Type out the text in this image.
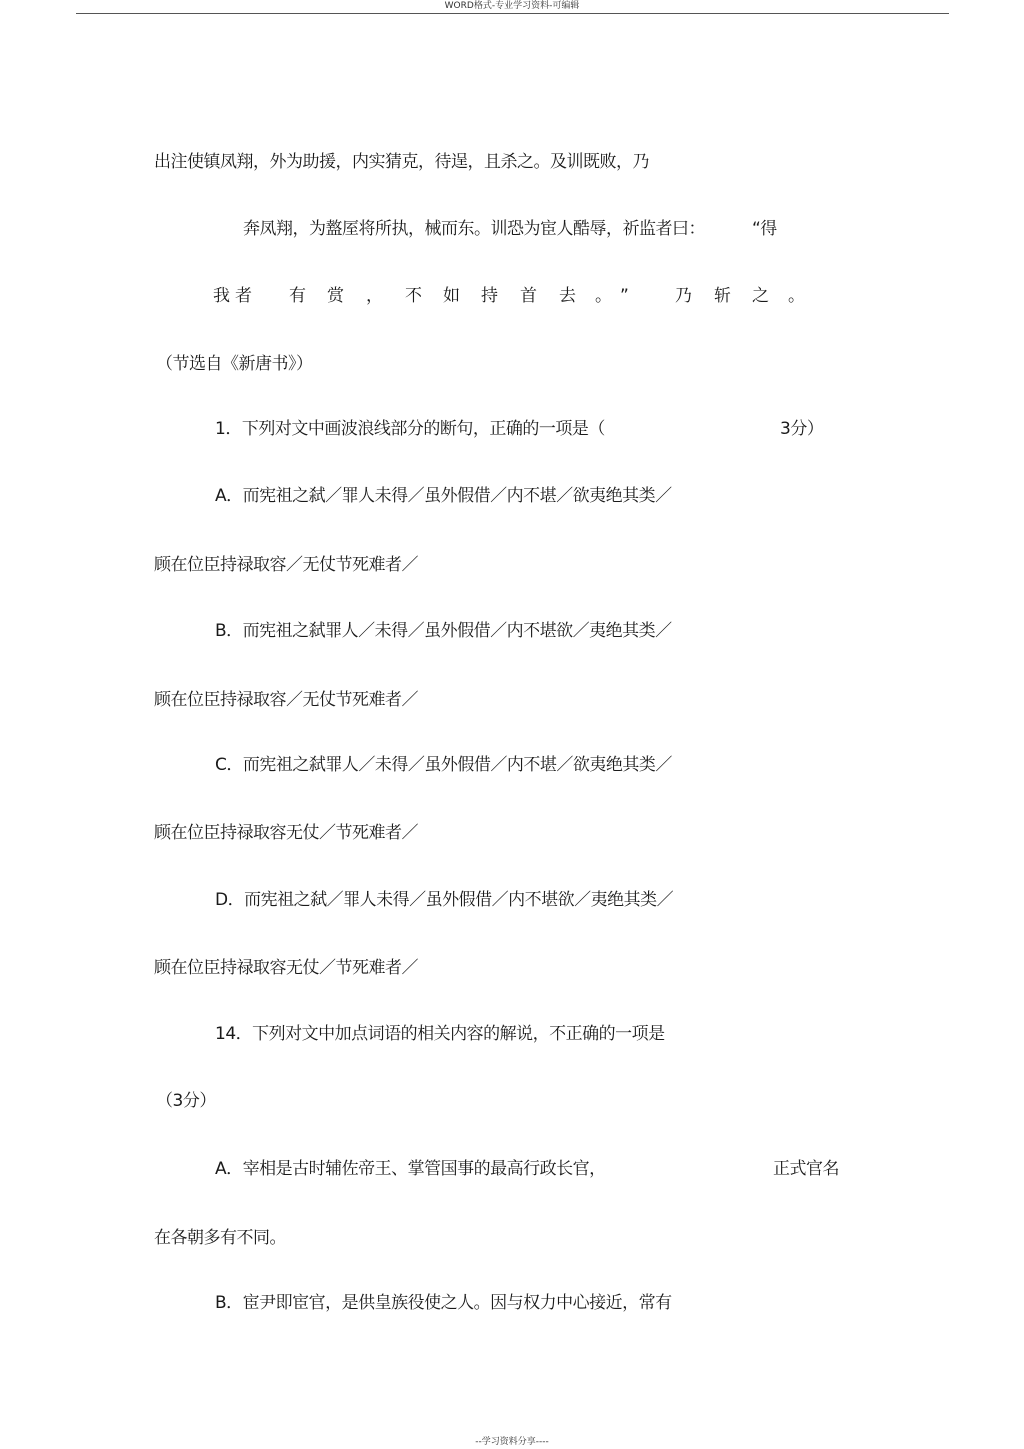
WORD格式-专业学习资料-可编辑
出注使镇凤翔，外为助援，内实猜克，待逞，且杀之。及训既败，乃
奔凤翔，为盩厔将所执，械而东。训恐为宦人酷辱，祈监者曰：	“得
我 者 有 赏 ， 不 如 持 首 去 。 ”	乃 斩 之 。
（节选自《新唐书》）
1．下列对文中画波浪线部分的断句，正确的一项是（	3分）
A．而宪祖之弑／罪人未得／虽外假借／内不堪／欲夷绝其类／
顾在位臣持禄取容／无仗节死难者／
B．而宪祖之弑罪人／未得／虽外假借／内不堪欲／夷绝其类／
顾在位臣持禄取容／无仗节死难者／
C．而宪祖之弑罪人／未得／虽外假借／内不堪／欲夷绝其类／
顾在位臣持禄取容无仗／节死难者／
D．而宪祖之弑／罪人未得／虽外假借／内不堪欲／夷绝其类／
顾在位臣持禄取容无仗／节死难者／
14．下列对文中加点词语的相关内容的解说，不正确的一项是
（3分）
A．宰相是古时辅佐帝王、掌管国事的最高行政长官，	正式官名
在各朝多有不同。
B．宦尹即宦官，是供皇族役使之人。因与权力中心接近，常有
--学习资料分享----
